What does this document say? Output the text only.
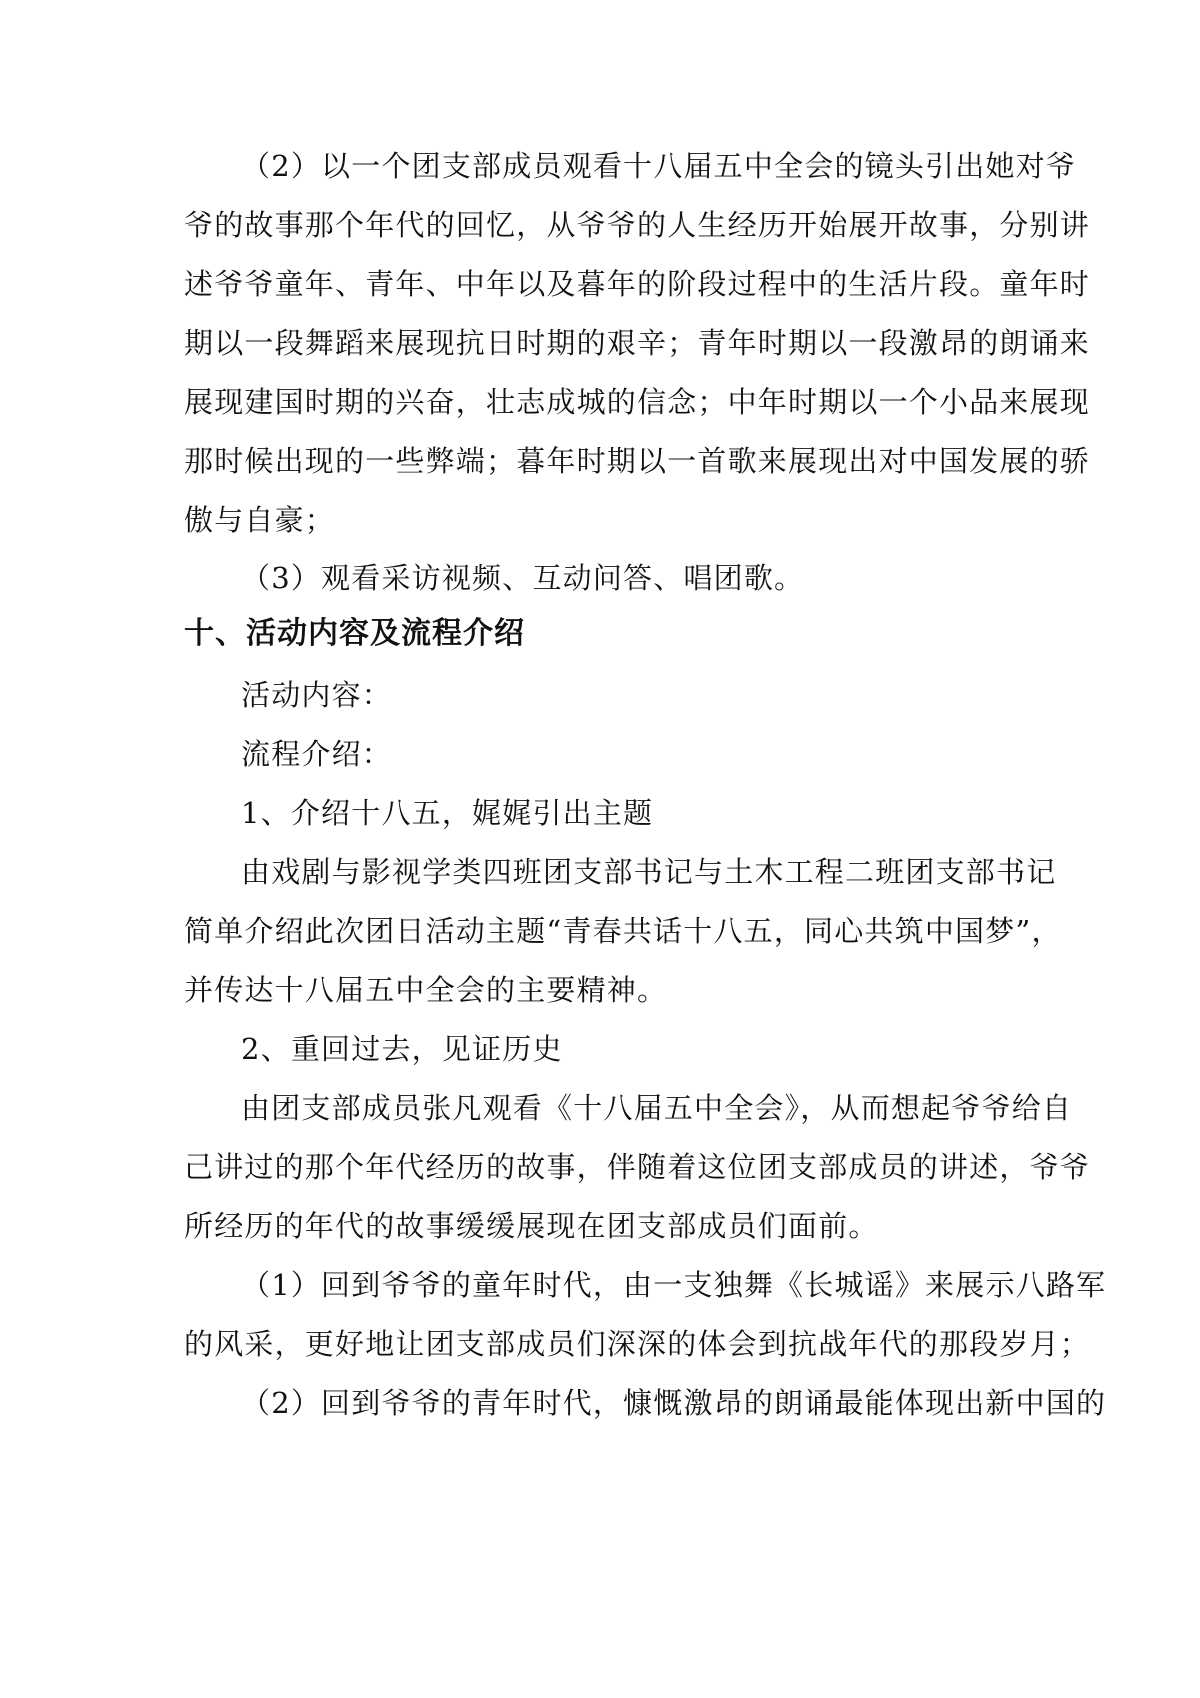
（2）以一个团支部成员观看十八届五中全会的镜头引出她对爷
爷的故事那个年代的回忆，从爷爷的人生经历开始展开故事，分别讲
述爷爷童年、青年、中年以及暮年的阶段过程中的生活片段。童年时
期以一段舞蹈来展现抗日时期的艰辛；青年时期以一段激昂的朗诵来
展现建国时期的兴奋，壮志成城的信念；中年时期以一个小品来展现
那时候出现的一些弊端；暮年时期以一首歌来展现出对中国发展的骄
傲与自豪；
（3）观看采访视频、互动问答、唱团歌。
十、活动内容及流程介绍
活动内容：
流程介绍：
1、介绍十八五，娓娓引出主题
由戏剧与影视学类四班团支部书记与土木工程二班团支部书记
简单介绍此次团日活动主题“青春共话十八五，同心共筑中国梦”，
并传达十八届五中全会的主要精神。
2、重回过去，见证历史
由团支部成员张凡观看《十八届五中全会》，从而想起爷爷给自
己讲过的那个年代经历的故事，伴随着这位团支部成员的讲述，爷爷
所经历的年代的故事缓缓展现在团支部成员们面前。
（1）回到爷爷的童年时代，由一支独舞《长城谣》来展示八路军
的风采，更好地让团支部成员们深深的体会到抗战年代的那段岁月；
（2）回到爷爷的青年时代，慷慨激昂的朗诵最能体现出新中国的
